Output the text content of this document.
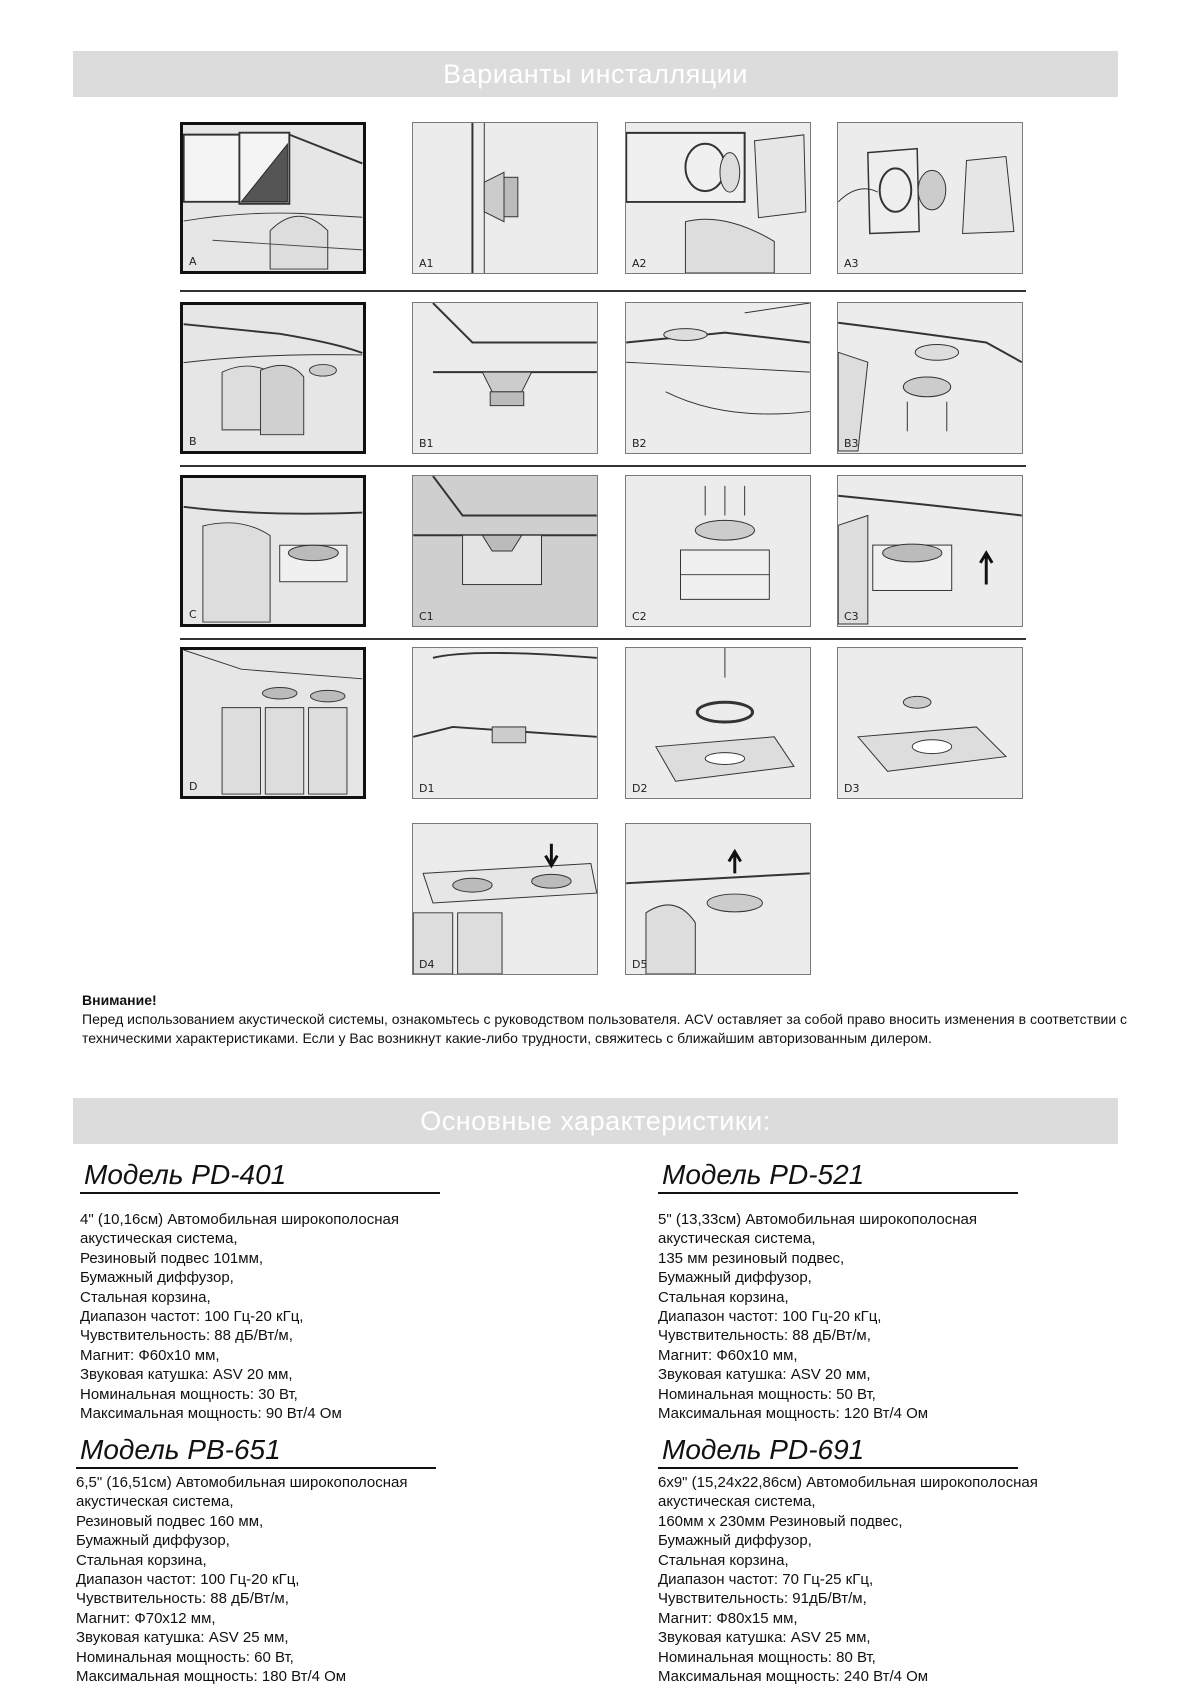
Варианты инсталляции
A	A1	A2	A3
B	B1	B2	B3
C	C1	C2	C3
D	D1	D2	D3
D4	D5
Внимание!
Перед использованием акустической системы, ознакомьтесь с руководством пользователя. ACV оставляет за собой право вносить изменения в соответствии с техническими характеристиками. Если у Вас возникнут какие-либо трудности, свяжитесь с ближайшим авторизованным дилером.
Основные характеристики:
Модель PD-401
4" (10,16см) Автомобильная широкополосная
акустическая система,
Резиновый подвес 101мм,
Бумажный диффузор,
Стальная корзина,
Диапазон частот: 100 Гц-20 кГц,
Чувствительность: 88 дБ/Вт/м,
Магнит: Ф60х10 мм,
Звуковая катушка: ASV 20 мм,
Номинальная мощность: 30 Вт,
Максимальная мощность: 90 Вт/4 Ом
Модель PD-521
5" (13,33см) Автомобильная широкополосная
акустическая система,
135 мм резиновый подвес,
Бумажный диффузор,
Стальная корзина,
Диапазон частот: 100 Гц-20 кГц,
Чувствительность: 88 дБ/Вт/м,
Магнит: Ф60х10 мм,
Звуковая катушка: ASV 20 мм,
Номинальная мощность: 50 Вт,
Максимальная мощность: 120 Вт/4 Ом
Модель PB-651
6,5" (16,51см) Автомобильная широкополосная
акустическая система,
Резиновый подвес 160 мм,
Бумажный диффузор,
Стальная корзина,
Диапазон частот: 100 Гц-20 кГц,
Чувствительность: 88 дБ/Вт/м,
Магнит: Ф70х12 мм,
Звуковая катушка: ASV 25 мм,
Номинальная мощность: 60 Вт,
Максимальная мощность: 180 Вт/4 Ом
Модель PD-691
6х9" (15,24х22,86см) Автомобильная широкополосная
акустическая система,
160мм х 230мм Резиновый подвес,
Бумажный диффузор,
Стальная корзина,
Диапазон частот: 70 Гц-25 кГц,
Чувствительность: 91дБ/Вт/м,
Магнит: Ф80х15 мм,
Звуковая катушка: ASV 25 мм,
Номинальная мощность: 80 Вт,
Максимальная мощность: 240 Вт/4 Ом
